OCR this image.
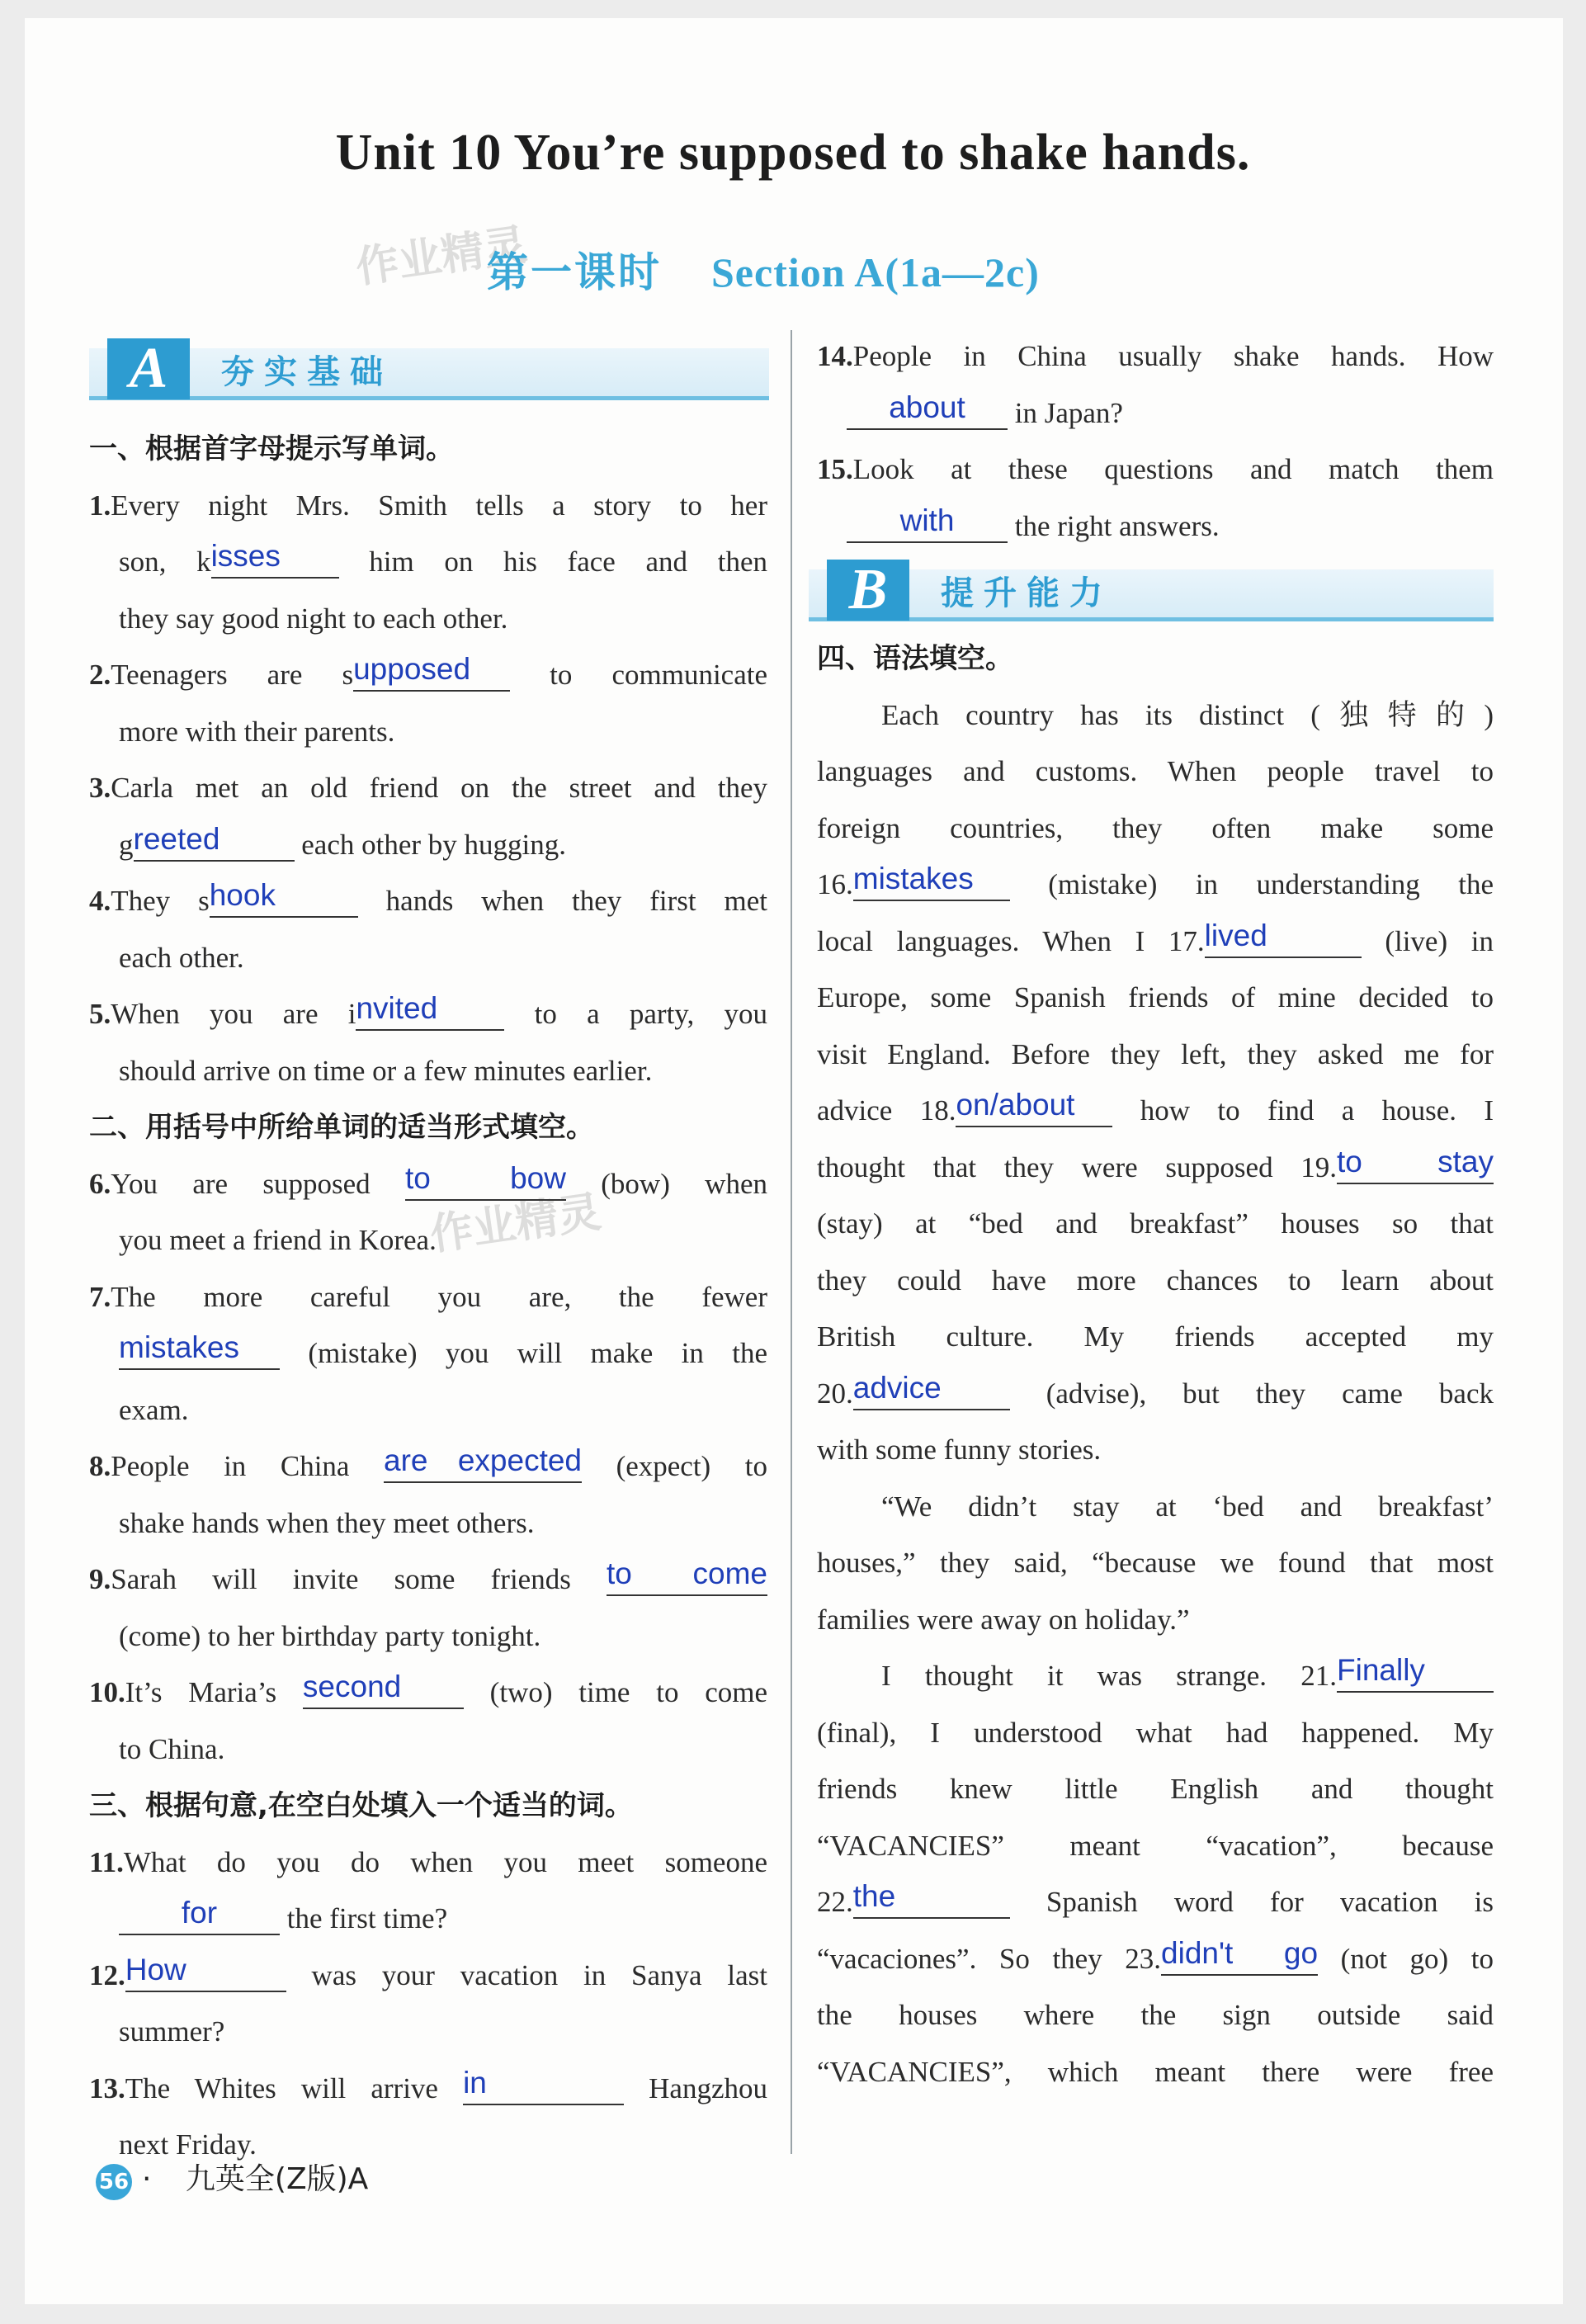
Unit 10 You’re supposed to shake hands.
作业精灵
作业精灵
第一课时 Section A(1a—2c)
A	夯实基础
一、根据首字母提示写单词。
1.Every night Mrs. Smith tells a story to her
son, kisses him on his face and then
they say good night to each other.
2.Teenagers are supposed to communicate
more with their parents.
3.Carla met an old friend on the street and they
greeted	each other by hugging.
4.They shook	hands when they first met
each other.
5.When you are invited to a party, you
should arrive on time or a few minutes earlier.
二、用括号中所给单词的适当形式填空。
6.You are supposed to bow (bow) when
you meet a friend in Korea.
7.The more careful you are, the fewer
mistakes (mistake) you will make in the
exam.
8.People in China are expected (expect) to
shake hands when they meet others.
9.Sarah will invite some friends to come
(come) to her birthday party tonight.
10.It’s Maria’s second (two) time to come
to China.
三、根据句意,在空白处填入一个适当的词。
11.What do you do when you meet someone
for the first time?
12.How	was your vacation in Sanya last
summer?
13.The Whites will arrive in	Hangzhou
next Friday.
14.People in China usually shake hands. How
about in Japan?
15.Look at these questions and match them
with the right answers.
B	提升能力
四、语法填空。
Each country has its distinct (独特的)
languages and customs. When people travel to
foreign countries, they often make some
16.mistakes (mistake) in understanding the
local languages. When I 17.lived	(live) in
Europe, some Spanish friends of mine decided to
visit England. Before they left, they asked me for
advice 18.on/about how to find a house. I
thought that they were supposed 19.to stay
(stay) at “bed and breakfast” houses so that
they could have more chances to learn about
British culture. My friends accepted my
20.advice (advise), but they came back
with some funny stories.
“We didn’t stay at ‘bed and breakfast’
houses,” they said, “because we found that most
families were away on holiday.”
I thought it was strange. 21.Finally
(final), I understood what had happened. My
friends knew little English and thought
“VACANCIES” meant “vacation”, because
22.the	Spanish word for vacation is
“vacaciones”. So they 23.didn't go (not go) to
the houses where the sign outside said
“VACANCIES”, which meant there were free
56 · 九英全(Z版)A
